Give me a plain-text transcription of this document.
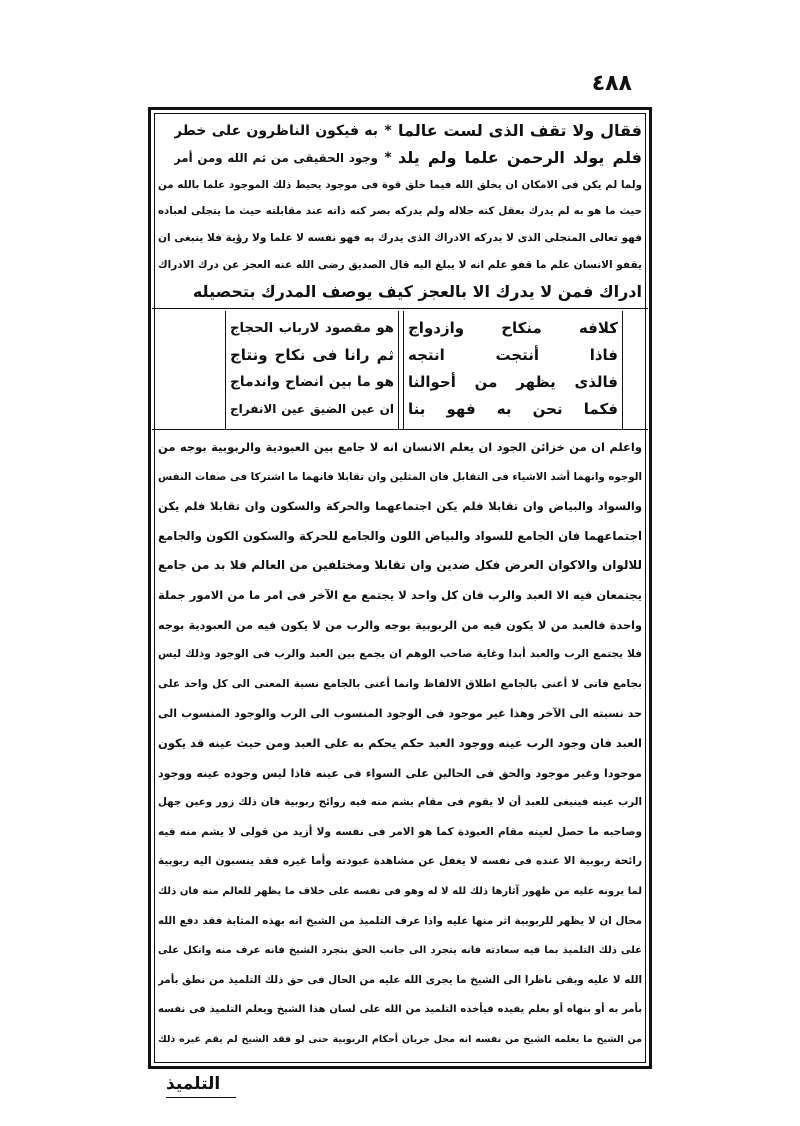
٤٨٨
فقال ولا تقف الذى لست عالما
*
به فيكون الناظرون على خطر
فلم يولد الرحمن علما ولم يلد
*
وجود الحقيقى من ثم الله ومن أمر
ولما لم يكن فى الامكان ان يخلق الله فيما خلق قوة فى موجود يحيط ذلك الموجود علما بالله من
حيث ما هو به لم يدرك بعقل كنه جلاله ولم يدركه بصر كنه ذاته عند مقابلته حيث ما يتجلى لعباده
فهو تعالى المتجلى الذى لا يدركه الادراك الذى يدرك به فهو نفسه لا علما ولا رؤية فلا ينبغى ان
يقفو الانسان علم ما قفو علم انه لا يبلغ اليه قال الصديق رضى الله عنه العجز عن درك الادراك
ادراك فمن لا يدرك الا بالعجز كيف يوصف المدرك بتحصيله
كلافه منكاح وازدواج
فاذا أنتجت انتجه
فالذى يظهر من أحوالنا
فكما نحن به فهو بنا
هو مقصود لارباب الحجاج
ثم رانا فى نكاح ونتاج
هو ما بين انضاح واندماج
ان عين الضيق عين الانفراج
واعلم ان من خزائن الجود ان يعلم الانسان انه لا جامع بين العبودية والربوبية بوجه من
الوجوه وانهما أشد الاشياء فى التقابل فان المثلين وان تقابلا فانهما ما اشتركا فى صفات النفس
والسواد والبياض وان تقابلا فلم يكن اجتماعهما والحركة والسكون وان تقابلا فلم يكن
اجتماعهما فان الجامع للسواد والبياض اللون والجامع للحركة والسكون الكون والجامع
للالوان والاكوان العرض فكل ضدين وان تقابلا ومختلفين من العالم فلا بد من جامع
يجتمعان فيه الا العبد والرب فان كل واحد لا يجتمع مع الآخر فى امر ما من الامور جملة
واحدة فالعبد من لا يكون فيه من الربوبية بوجه والرب من لا يكون فيه من العبودية بوجه
فلا يجتمع الرب والعبد أبدا وغاية صاحب الوهم ان يجمع بين العبد والرب فى الوجود وذلك ليس
بجامع فانى لا أعنى بالجامع اطلاق الالفاظ وانما أعنى بالجامع نسبة المعنى الى كل واحد على
حد نسبته الى الآخر وهذا غير موجود فى الوجود المنسوب الى الرب والوجود المنسوب الى
العبد فان وجود الرب عينه ووجود العبد حكم يحكم به على العبد ومن حيث عينه قد يكون
موجودا وغير موجود والحق فى الحالين على السواء فى عينه فاذا ليس وجوده عينه ووجود
الرب عينه فينبغى للعبد أن لا يقوم فى مقام يشم منه فيه روائح ربوبية فان ذلك زور وعين جهل
وصاحبه ما حصل لعينه مقام العبودة كما هو الامر فى نفسه ولا أزيد من قولى لا يشم منه فيه
رائحة ربوبية الا عنده فى نفسه لا يغفل عن مشاهدة عبودته وأما غيره فقد ينسبون اليه ربوبية
لما يرونه عليه من ظهور آثارها ذلك لله لا له وهو فى نفسه على خلاف ما يظهر للعالم منه فان ذلك
محال ان لا يظهر للربوبية اثر منها عليه واذا عرف التلميذ من الشيخ انه بهذه المثابة فقد دفع الله
على ذلك التلميذ بما فيه سعادته فانه يتجرد الى جانب الحق بتجرد الشيخ فانه عرف منه واتكل على
الله لا عليه وبقى ناظرا الى الشيخ ما يجرى الله عليه من الحال فى حق ذلك التلميذ من نطق بأمر
بأمر به أو بنهاه أو بعلم يفيده فيأخذه التلميذ من الله على لسان هذا الشيخ ويعلم التلميذ فى نفسه
من الشيخ ما يعلمه الشيخ من نفسه انه محل جريان أحكام الربوبية حتى لو فقد الشيخ لم يقم غيره ذلك
التلميذ
